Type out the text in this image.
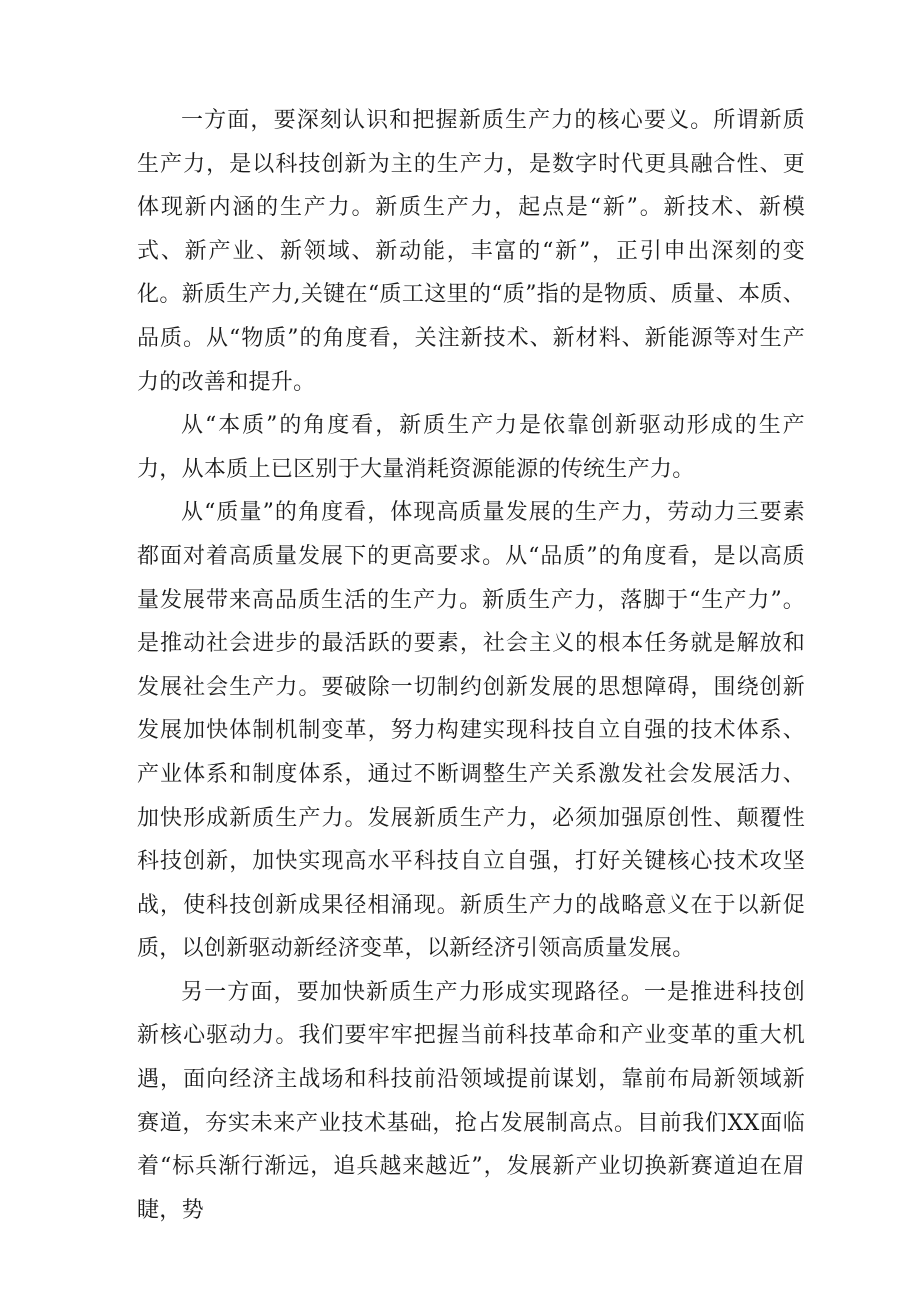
一方面，要深刻认识和把握新质生产力的核心要义。所谓新质生产力，是以科技创新为主的生产力，是数字时代更具融合性、更体现新内涵的生产力。新质生产力，起点是“新”。新技术、新模式、新产业、新领域、新动能，丰富的“新”，正引申出深刻的变化。新质生产力,关键在“质工这里的“质”指的是物质、质量、本质、品质。从“物质”的角度看，关注新技术、新材料、新能源等对生产力的改善和提升。

从“本质”的角度看，新质生产力是依靠创新驱动形成的生产力，从本质上已区别于大量消耗资源能源的传统生产力。

从“质量”的角度看，体现高质量发展的生产力，劳动力三要素都面对着高质量发展下的更高要求。从“品质”的角度看，是以高质量发展带来高品质生活的生产力。新质生产力，落脚于“生产力”。是推动社会进步的最活跃的要素，社会主义的根本任务就是解放和发展社会生产力。要破除一切制约创新发展的思想障碍，围绕创新发展加快体制机制变革，努力构建实现科技自立自强的技术体系、产业体系和制度体系，通过不断调整生产关系激发社会发展活力、加快形成新质生产力。发展新质生产力，必须加强原创性、颠覆性科技创新，加快实现高水平科技自立自强，打好关键核心技术攻坚战，使科技创新成果径相涌现。新质生产力的战略意义在于以新促质，以创新驱动新经济变革，以新经济引领高质量发展。

另一方面，要加快新质生产力形成实现路径。一是推进科技创新核心驱动力。我们要牢牢把握当前科技革命和产业变革的重大机遇，面向经济主战场和科技前沿领域提前谋划，靠前布局新领域新赛道，夯实未来产业技术基础，抢占发展制高点。目前我们XX面临着“标兵渐行渐远，追兵越来越近”，发展新产业切换新赛道迫在眉睫，势
